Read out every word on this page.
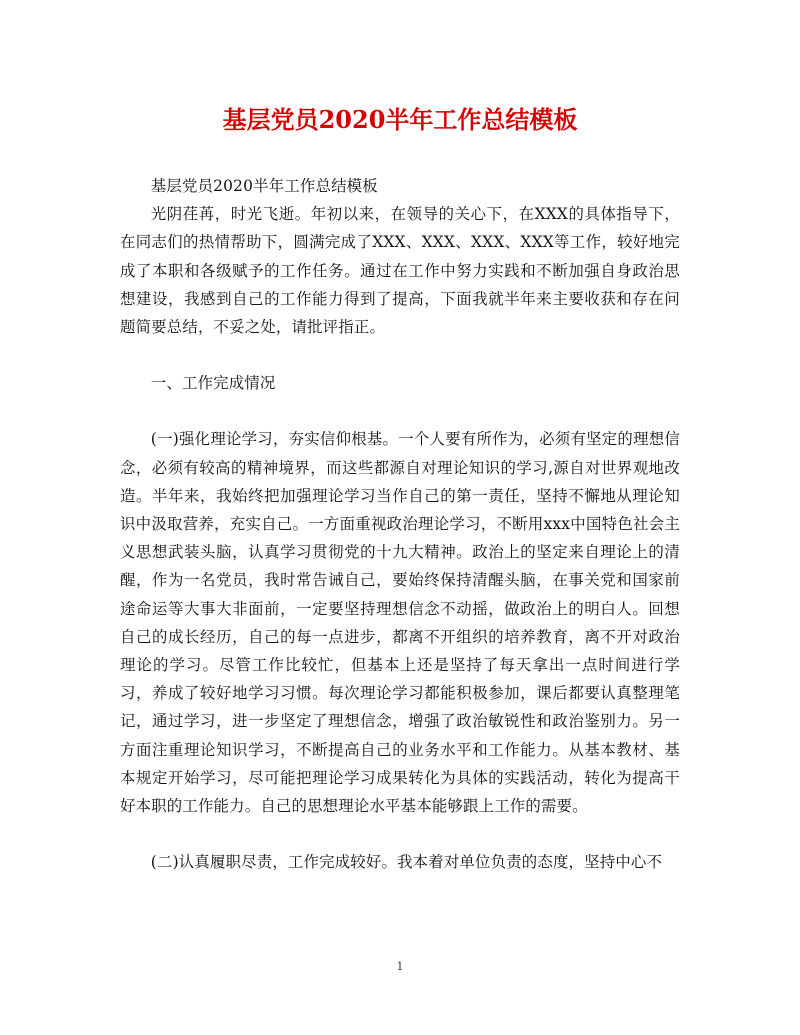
基层党员2020半年工作总结模板

基层党员2020半年工作总结模板

光阴荏苒，时光飞逝。年初以来，在领导的关心下，在XXX的具体指导下，在同志们的热情帮助下，圆满完成了XXX、XXX、XXX、XXX等工作，较好地完成了本职和各级赋予的工作任务。通过在工作中努力实践和不断加强自身政治思想建设，我感到自己的工作能力得到了提高，下面我就半年来主要收获和存在问题简要总结，不妥之处，请批评指正。

一、工作完成情况

(一)强化理论学习，夯实信仰根基。一个人要有所作为，必须有坚定的理想信念，必须有较高的精神境界，而这些都源自对理论知识的学习,源自对世界观地改造。半年来，我始终把加强理论学习当作自己的第一责任，坚持不懈地从理论知识中汲取营养，充实自己。一方面重视政治理论学习，不断用xxx中国特色社会主义思想武装头脑，认真学习贯彻党的十九大精神。政治上的坚定来自理论上的清醒，作为一名党员，我时常告诫自己，要始终保持清醒头脑，在事关党和国家前途命运等大事大非面前，一定要坚持理想信念不动摇，做政治上的明白人。回想自己的成长经历，自己的每一点进步，都离不开组织的培养教育，离不开对政治理论的学习。尽管工作比较忙，但基本上还是坚持了每天拿出一点时间进行学习，养成了较好地学习习惯。每次理论学习都能积极参加，课后都要认真整理笔记，通过学习，进一步坚定了理想信念，增强了政治敏锐性和政治鉴别力。另一方面注重理论知识学习，不断提高自己的业务水平和工作能力。从基本教材、基本规定开始学习，尽可能把理论学习成果转化为具体的实践活动，转化为提高干好本职的工作能力。自己的思想理论水平基本能够跟上工作的需要。

(二)认真履职尽责，工作完成较好。我本着对单位负责的态度，坚持中心不

1
